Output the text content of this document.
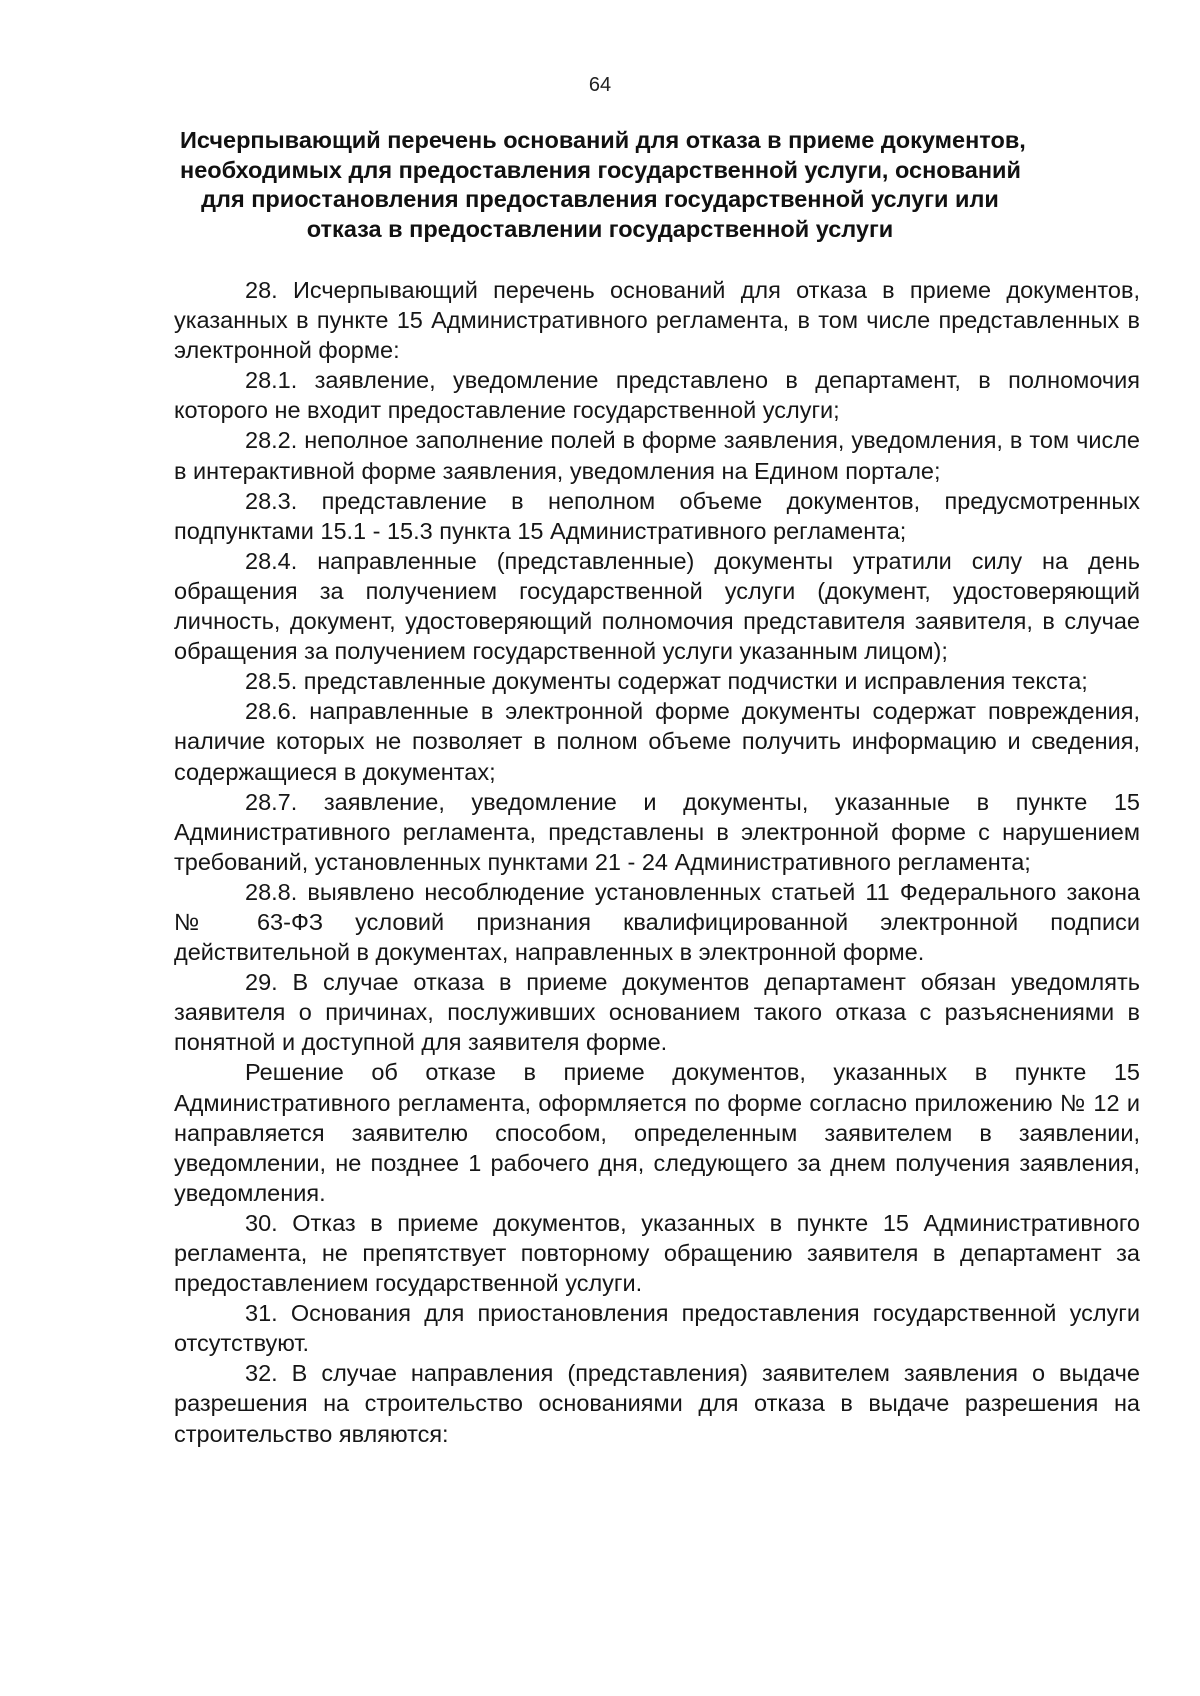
64
Исчерпывающий перечень оснований для отказа в приеме документов,
необходимых для предоставления государственной услуги, оснований
для приостановления предоставления государственной услуги или
отказа в предоставлении государственной услуги

28. Исчерпывающий перечень оснований для отказа в приеме документов, указанных в пункте 15 Административного регламента, в том числе представленных в электронной форме:

28.1. заявление, уведомление представлено в департамент, в полномочия которого не входит предоставление государственной услуги;

28.2. неполное заполнение полей в форме заявления, уведомления, в том числе в интерактивной форме заявления, уведомления на Едином портале;

28.3. представление в неполном объеме документов, предусмотренных подпунктами 15.1 - 15.3 пункта 15 Административного регламента;

28.4. направленные (представленные) документы утратили силу на день обращения за получением государственной услуги (документ, удостоверяющий личность, документ, удостоверяющий полномочия представителя заявителя, в случае обращения за получением государственной услуги указанным лицом);

28.5. представленные документы содержат подчистки и исправления текста;

28.6. направленные в электронной форме документы содержат повреждения, наличие которых не позволяет в полном объеме получить информацию и сведения, содержащиеся в документах;

28.7. заявление, уведомление и документы, указанные в пункте 15 Административного регламента, представлены в электронной форме с нарушением требований, установленных пунктами 21 - 24 Административного регламента;

28.8. выявлено несоблюдение установленных статьей 11 Федерального закона № 63-ФЗ условий признания квалифицированной электронной подписи действительной в документах, направленных в электронной форме.

29. В случае отказа в приеме документов департамент обязан уведомлять заявителя о причинах, послуживших основанием такого отказа с разъяснениями в понятной и доступной для заявителя форме.

Решение об отказе в приеме документов, указанных в пункте 15 Административного регламента, оформляется по форме согласно приложению № 12 и направляется заявителю способом, определенным заявителем в заявлении, уведомлении, не позднее 1 рабочего дня, следующего за днем получения заявления, уведомления.

30. Отказ в приеме документов, указанных в пункте 15 Административного регламента, не препятствует повторному обращению заявителя в департамент за предоставлением государственной услуги.

31. Основания для приостановления предоставления государственной услуги отсутствуют.

32. В случае направления (представления) заявителем заявления о выдаче разрешения на строительство основаниями для отказа в выдаче разрешения на строительство являются:
